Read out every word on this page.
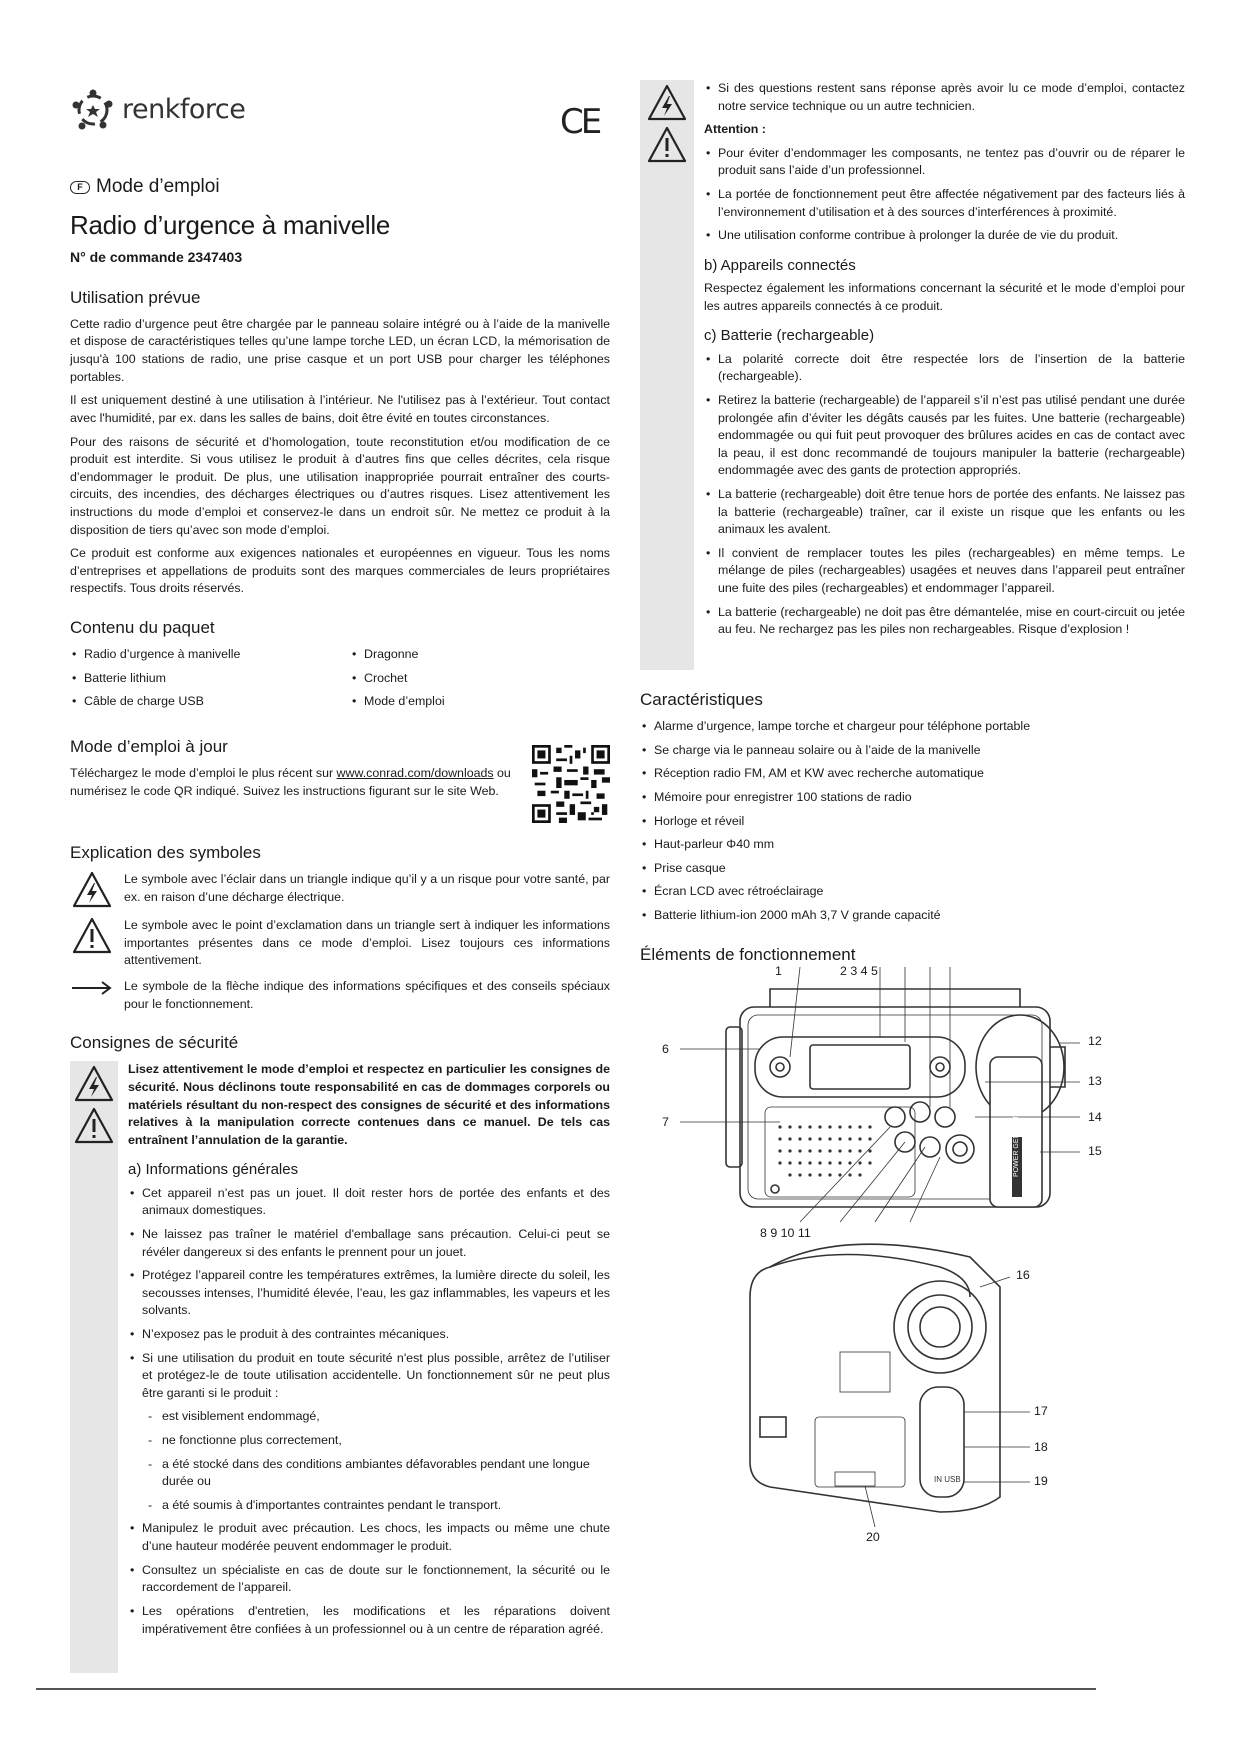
renkforce	CE
F Mode d’emploi
Radio d’urgence à manivelle
N° de commande 2347403
Utilisation prévue

Cette radio d’urgence peut être chargée par le panneau solaire intégré ou à l’aide de la manivelle et dispose de caractéristiques telles qu’une lampe torche LED, un écran LCD, la mémorisation de jusqu'à 100 stations de radio, une prise casque et un port USB pour charger les téléphones portables.

Il est uniquement destiné à une utilisation à l’intérieur. Ne l'utilisez pas à l’extérieur. Tout contact avec l'humidité, par ex. dans les salles de bains, doit être évité en toutes circonstances.

Pour des raisons de sécurité et d’homologation, toute reconstitution et/ou modification de ce produit est interdite. Si vous utilisez le produit à d’autres fins que celles décrites, cela risque d’endommager le produit. De plus, une utilisation inappropriée pourrait entraîner des courts-circuits, des incendies, des décharges électriques ou d’autres risques. Lisez attentivement les instructions du mode d’emploi et conservez-le dans un endroit sûr. Ne mettez ce produit à la disposition de tiers qu’avec son mode d’emploi.

Ce produit est conforme aux exigences nationales et européennes en vigueur. Tous les noms d’entreprises et appellations de produits sont des marques commerciales de leurs propriétaires respectifs. Tous droits réservés.

Contenu du paquet
• Radio d’urgence à manivelle	• Dragonne
• Batterie lithium	• Crochet
• Câble de charge USB	• Mode d’emploi
Mode d’emploi à jour

Téléchargez le mode d’emploi le plus récent sur www.conrad.com/downloads ou numérisez le code QR indiqué. Suivez les instructions figurant sur le site Web.

Explication des symboles

Le symbole avec l’éclair dans un triangle indique qu’il y a un risque pour votre santé, par ex. en raison d’une décharge électrique.

Le symbole avec le point d’exclamation dans un triangle sert à indiquer les informations importantes présentes dans ce mode d’emploi. Lisez toujours ces informations attentivement.

Le symbole de la flèche indique des informations spécifiques et des conseils spéciaux pour le fonctionnement.

Consignes de sécurité

Lisez attentivement le mode d’emploi et respectez en particulier les consignes de sécurité. Nous déclinons toute responsabilité en cas de dommages corporels ou matériels résultant du non-respect des consignes de sécurité et des informations relatives à la manipulation correcte contenues dans ce manuel. De tels cas entraînent l’annulation de la garantie.

a) Informations générales
• Cet appareil n’est pas un jouet. Il doit rester hors de portée des enfants et des animaux domestiques.
• Ne laissez pas traîner le matériel d'emballage sans précaution. Celui-ci peut se révéler dangereux si des enfants le prennent pour un jouet.
• Protégez l’appareil contre les températures extrêmes, la lumière directe du soleil, les secousses intenses, l’humidité élevée, l’eau, les gaz inflammables, les vapeurs et les solvants.
• N’exposez pas le produit à des contraintes mécaniques.
• Si une utilisation du produit en toute sécurité n'est plus possible, arrêtez de l’utiliser et protégez-le de toute utilisation accidentelle. Un fonctionnement sûr ne peut plus être garanti si le produit :
- est visiblement endommagé,
- ne fonctionne plus correctement,
- a été stocké dans des conditions ambiantes défavorables pendant une longue durée ou
- a été soumis à d'importantes contraintes pendant le transport.
• Manipulez le produit avec précaution. Les chocs, les impacts ou même une chute d’une hauteur modérée peuvent endommager le produit.
• Consultez un spécialiste en cas de doute sur le fonctionnement, la sécurité ou le raccordement de l’appareil.
• Les opérations d'entretien, les modifications et les réparations doivent impérativement être confiées à un professionnel ou à un centre de réparation agréé.
• Si des questions restent sans réponse après avoir lu ce mode d’emploi, contactez notre service technique ou un autre technicien.
Attention :
• Pour éviter d’endommager les composants, ne tentez pas d’ouvrir ou de réparer le produit sans l’aide d’un professionnel.
• La portée de fonctionnement peut être affectée négativement par des facteurs liés à l’environnement d’utilisation et à des sources d’interférences à proximité.
• Une utilisation conforme contribue à prolonger la durée de vie du produit.
b) Appareils connectés

Respectez également les informations concernant la sécurité et le mode d’emploi pour les autres appareils connectés à ce produit.

c) Batterie (rechargeable)
• La polarité correcte doit être respectée lors de l’insertion de la batterie (rechargeable).
• Retirez la batterie (rechargeable) de l’appareil s’il n’est pas utilisé pendant une durée prolongée afin d’éviter les dégâts causés par les fuites. Une batterie (rechargeable) endommagée ou qui fuit peut provoquer des brûlures acides en cas de contact avec la peau, il est donc recommandé de toujours manipuler la batterie (rechargeable) endommagée avec des gants de protection appropriés.
• La batterie (rechargeable) doit être tenue hors de portée des enfants. Ne laissez pas la batterie (rechargeable) traîner, car il existe un risque que les enfants ou les animaux les avalent.
• Il convient de remplacer toutes les piles (rechargeables) en même temps. Le mélange de piles (rechargeables) usagées et neuves dans l’appareil peut entraîner une fuite des piles (rechargeables) et endommager l’appareil.
• La batterie (rechargeable) ne doit pas être démantelée, mise en court-circuit ou jetée au feu. Ne rechargez pas les piles non rechargeables. Risque d’explosion !
Caractéristiques
• Alarme d’urgence, lampe torche et chargeur pour téléphone portable
• Se charge via le panneau solaire ou à l’aide de la manivelle
• Réception radio FM, AM et KW avec recherche automatique
• Mémoire pour enregistrer 100 stations de radio
• Horloge et réveil
• Haut-parleur Φ40 mm
• Prise casque
• Écran LCD avec rétroéclairage
• Batterie lithium-ion 2000 mAh 3,7 V grande capacité
Éléments de fonctionnement
POWER GENERATOR
IN USB
1	2 3 4 5
6
7
8 9 10 11
12
13
14
15
16
17
18
19
20
